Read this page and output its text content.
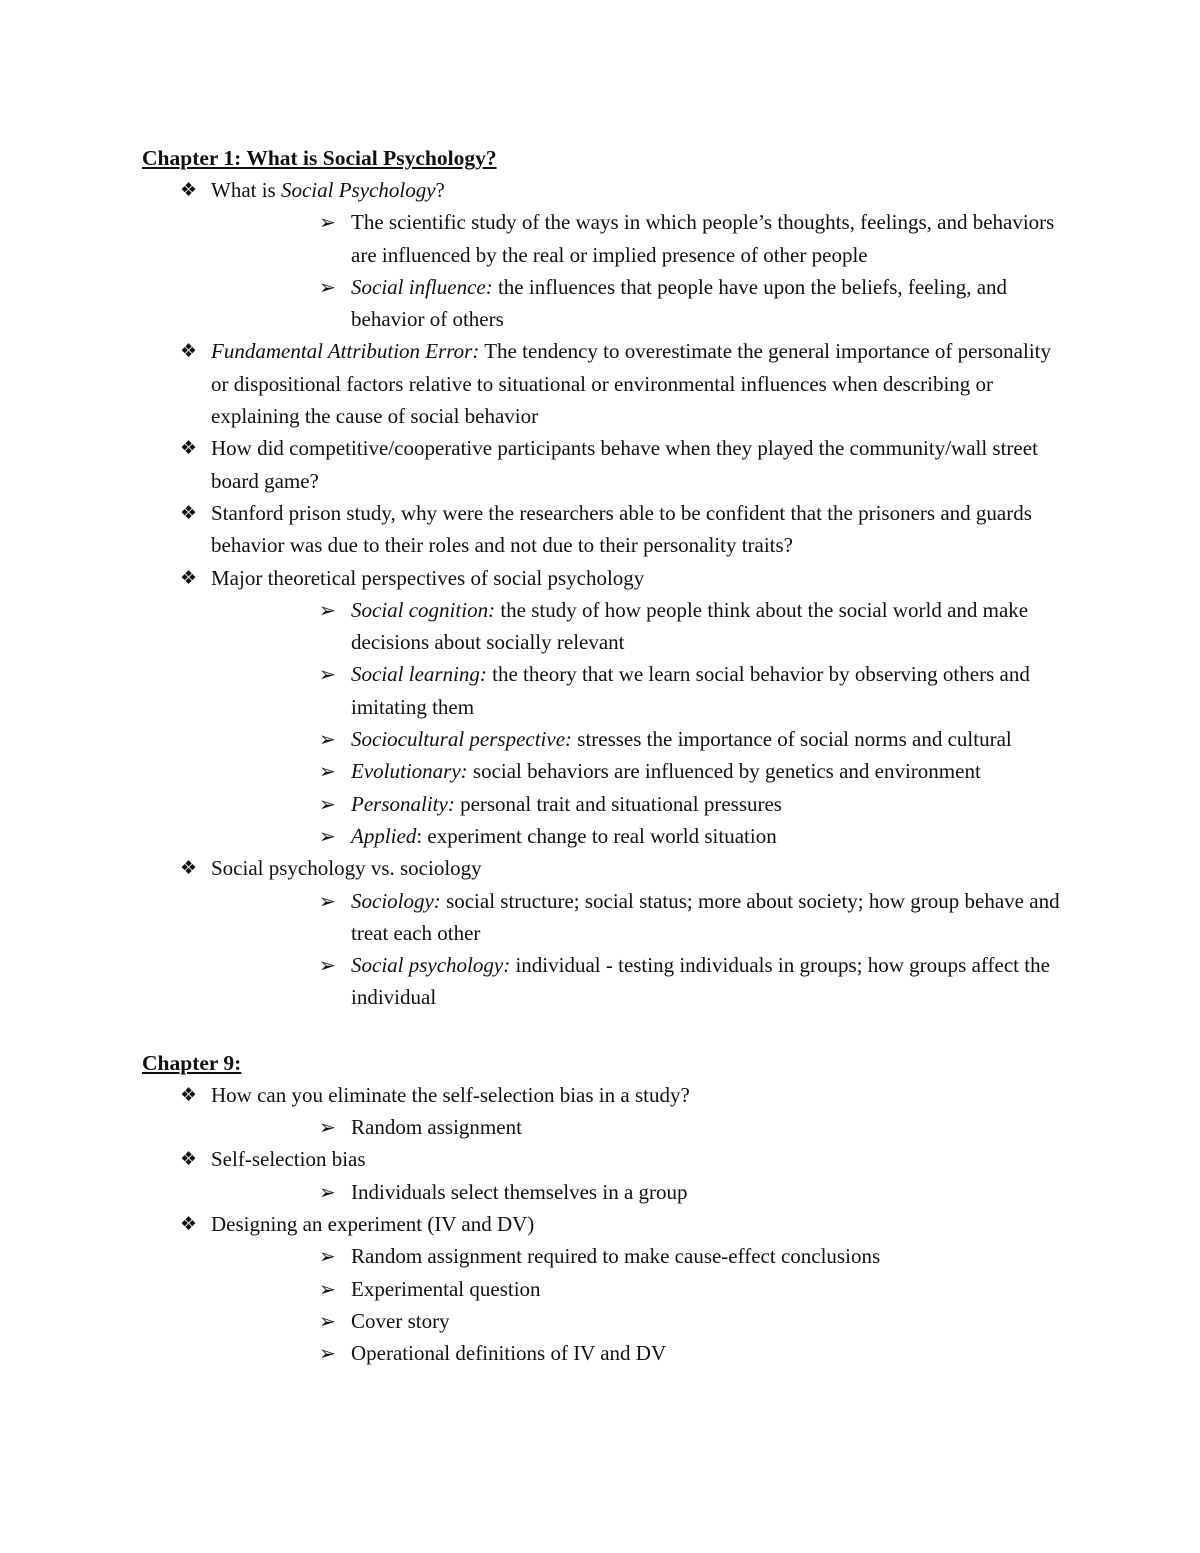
Chapter 1: What is Social Psychology?
❖ What is Social Psychology?
➢ The scientific study of the ways in which people’s thoughts, feelings, and behaviors are influenced by the real or implied presence of other people
➢ Social influence: the influences that people have upon the beliefs, feeling, and behavior of others
❖ Fundamental Attribution Error: The tendency to overestimate the general importance of personality or dispositional factors relative to situational or environmental influences when describing or explaining the cause of social behavior
❖ How did competitive/cooperative participants behave when they played the community/wall street board game?
❖ Stanford prison study, why were the researchers able to be confident that the prisoners and guards behavior was due to their roles and not due to their personality traits?
❖ Major theoretical perspectives of social psychology
➢ Social cognition: the study of how people think about the social world and make decisions about socially relevant
➢ Social learning: the theory that we learn social behavior by observing others and imitating them
➢ Sociocultural perspective: stresses the importance of social norms and cultural
➢ Evolutionary: social behaviors are influenced by genetics and environment
➢ Personality: personal trait and situational pressures
➢ Applied: experiment change to real world situation
❖ Social psychology vs. sociology
➢ Sociology: social structure; social status; more about society; how group behave and treat each other
➢ Social psychology: individual - testing individuals in groups; how groups affect the individual
Chapter 9:
❖ How can you eliminate the self-selection bias in a study?
➢ Random assignment
❖ Self-selection bias
➢ Individuals select themselves in a group
❖ Designing an experiment (IV and DV)
➢ Random assignment required to make cause-effect conclusions
➢ Experimental question
➢ Cover story
➢ Operational definitions of IV and DV
